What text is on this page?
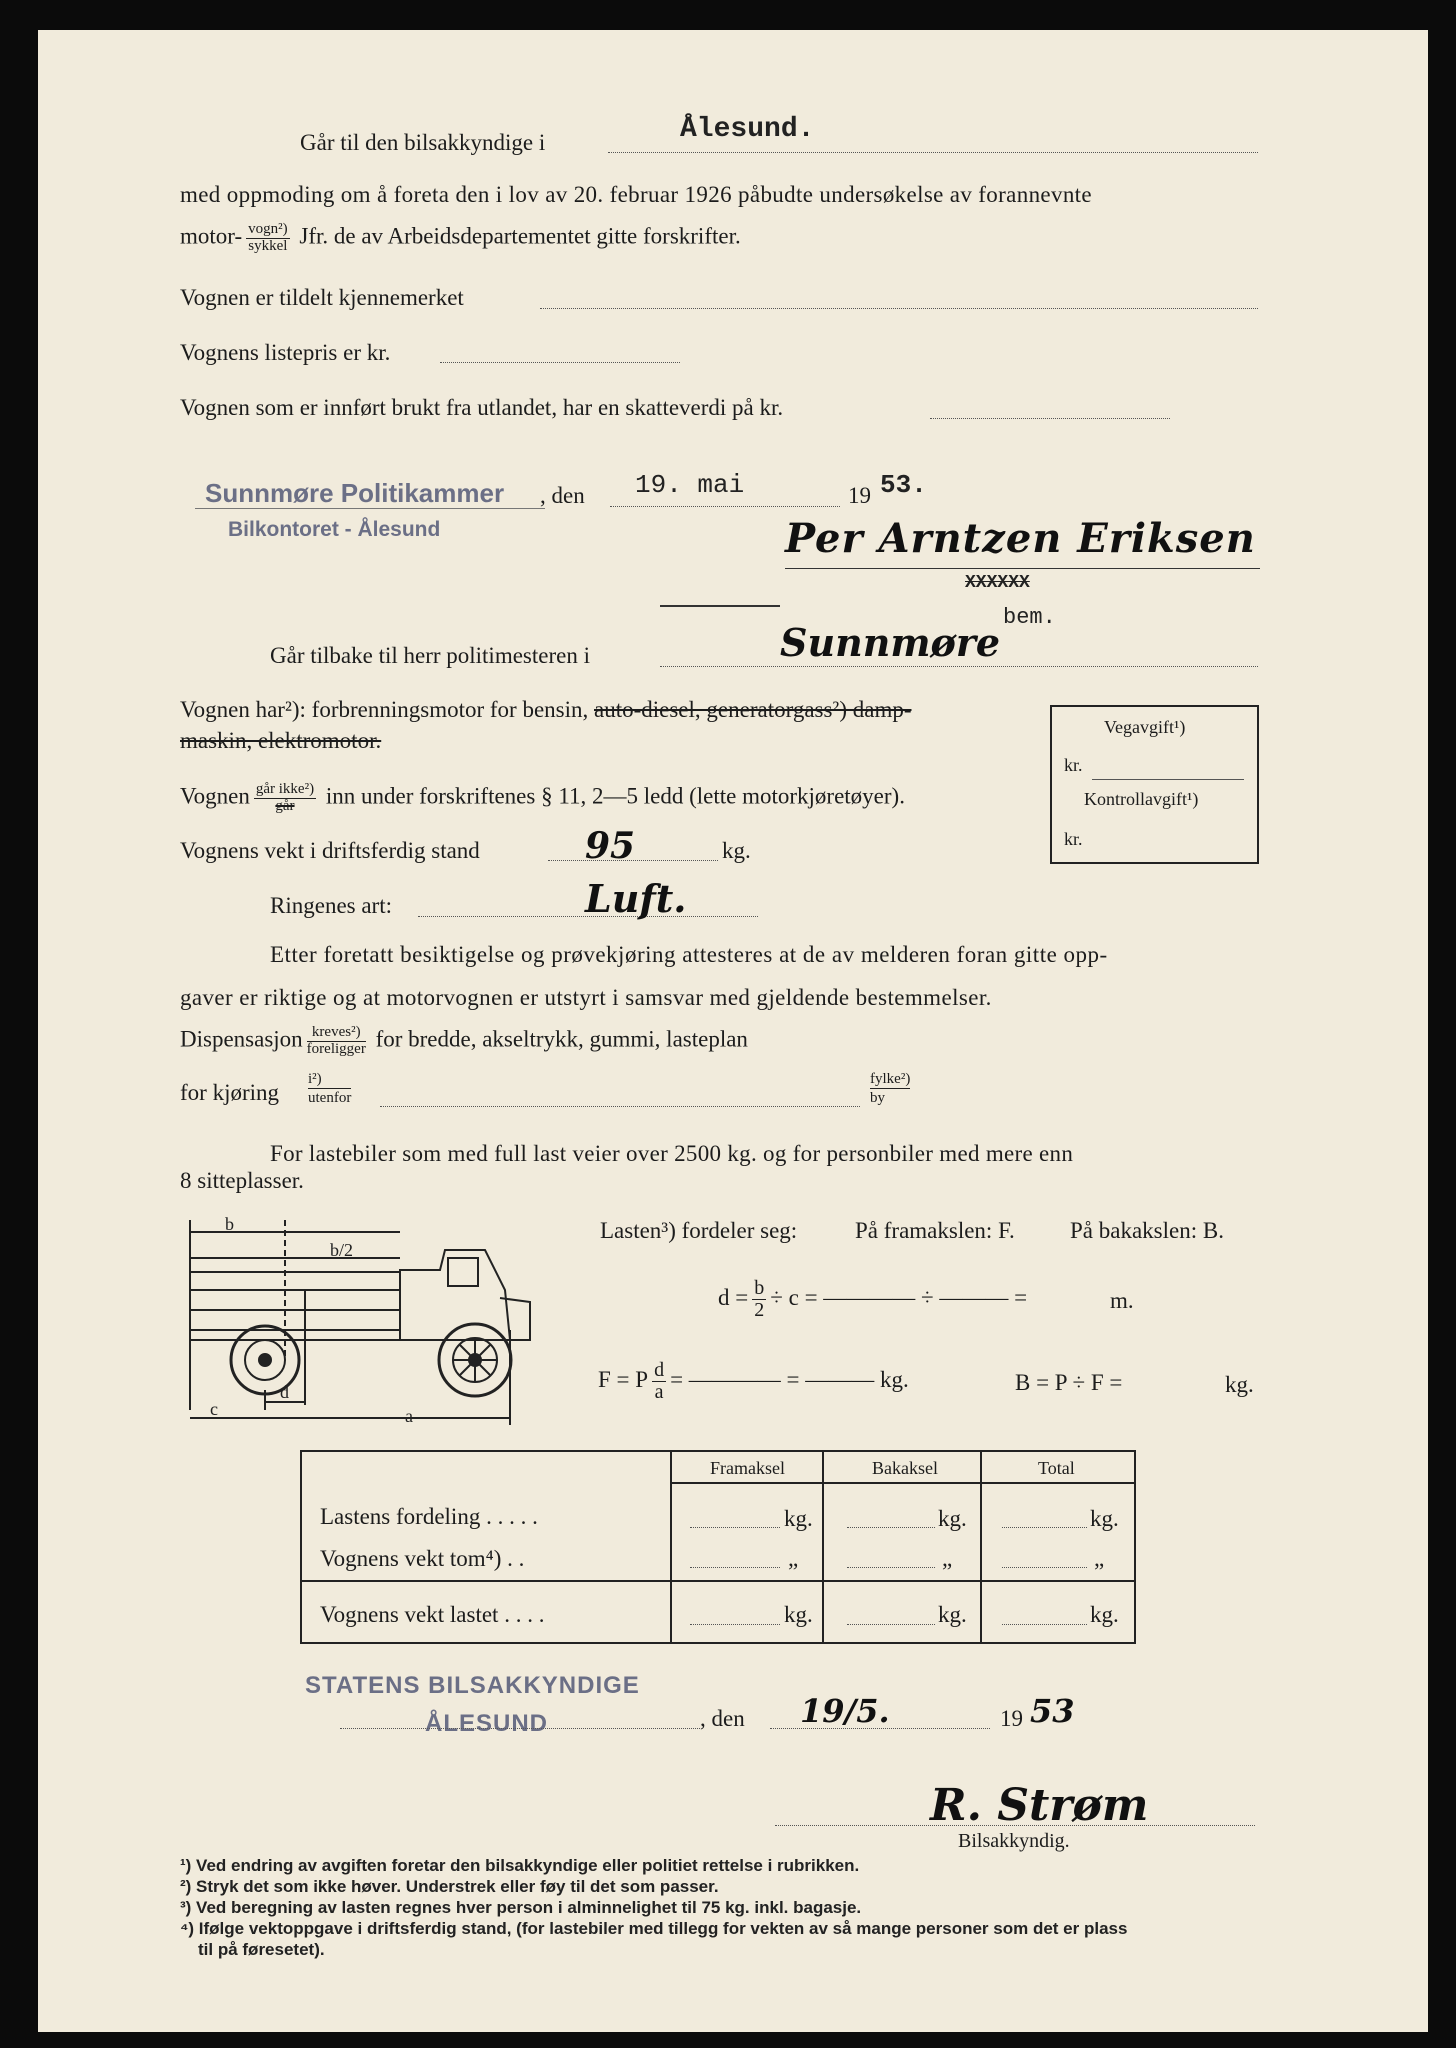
Går til den bilsakkyndige i	Ålesund.
med oppmoding om å foreta den i lov av 20. februar 1926 påbudte undersøkelse av forannevnte
motor- $\frac{\text{vogn²)}}{\text{sykkel}}$ Jfr. de av Arbeidsdepartementet gitte forskrifter.
Vognen er tildelt kjennemerket
Vognens listepris er kr.
Vognen som er innført brukt fra utlandet, har en skatteverdi på kr.
Sunnmøre Politikammer
Bilkontoret - Ålesund
, den 19. mai	19 53.
Per Arntzen Eriksen
XXXXXX
bem.
Går tilbake til herr politimesteren i	Sunnmøre
Vognen har²): forbrenningsmotor for bensin, auto-diesel, generatorgass²) damp-
maskin, elektromotor.
Vognen $\frac{\text{går ikke²)}}{\text{går}}$ inn under forskriftenes § 11, 2—5 ledd (lette motorkjøretøyer).
Vognens vekt i driftsferdig stand	95	kg.
Ringenes art:	Luft.
Vegavgift¹)
kr.
Kontrollavgift¹)
kr.
Etter foretatt besiktigelse og prøvekjøring attesteres at de av melderen foran gitte opp-
gaver er riktige og at motorvognen er utstyrt i samsvar med gjeldende bestemmelser.
Dispensasjon $\frac{\text{kreves²)}}{\text{foreligger}}$ for bredde, akseltrykk, gummi, lasteplan
for kjøring
i²)
utenfor
fylke²)
by
For lastebiler som med full last veier over 2500 kg. og for personbiler med mere enn
8 sitteplasser.
b
b/2
c
d
a
Lasten³) fordeler seg:	På framakslen: F. På bakakslen: B.
$d = \frac{b}{2} \div c$ = ———— ÷ ——— =	m.
F = P $\frac{d}{a}$ = ———— = ——— kg.	B = P ÷ F =	kg.
Framaksel	Bakaksel	Total
Lastens fordeling . . . . .	kg.	kg.	kg.
Vognens vekt tom⁴) . .	„	„	„
Vognens vekt lastet . . . .	kg.	kg.	kg.
STATENS BILSAKKYNDIGE
ÅLESUND	, den 19/5.	19 53
R. Strøm
Bilsakkyndig.
¹) Ved endring av avgiften foretar den bilsakkyndige eller politiet rettelse i rubrikken.
²) Stryk det som ikke høver. Understrek eller føy til det som passer.
³) Ved beregning av lasten regnes hver person i alminnelighet til 75 kg. inkl. bagasje.
⁴) Ifølge vektoppgave i driftsferdig stand, (for lastebiler med tillegg for vekten av så mange personer som det er plass
til på føresetet).
